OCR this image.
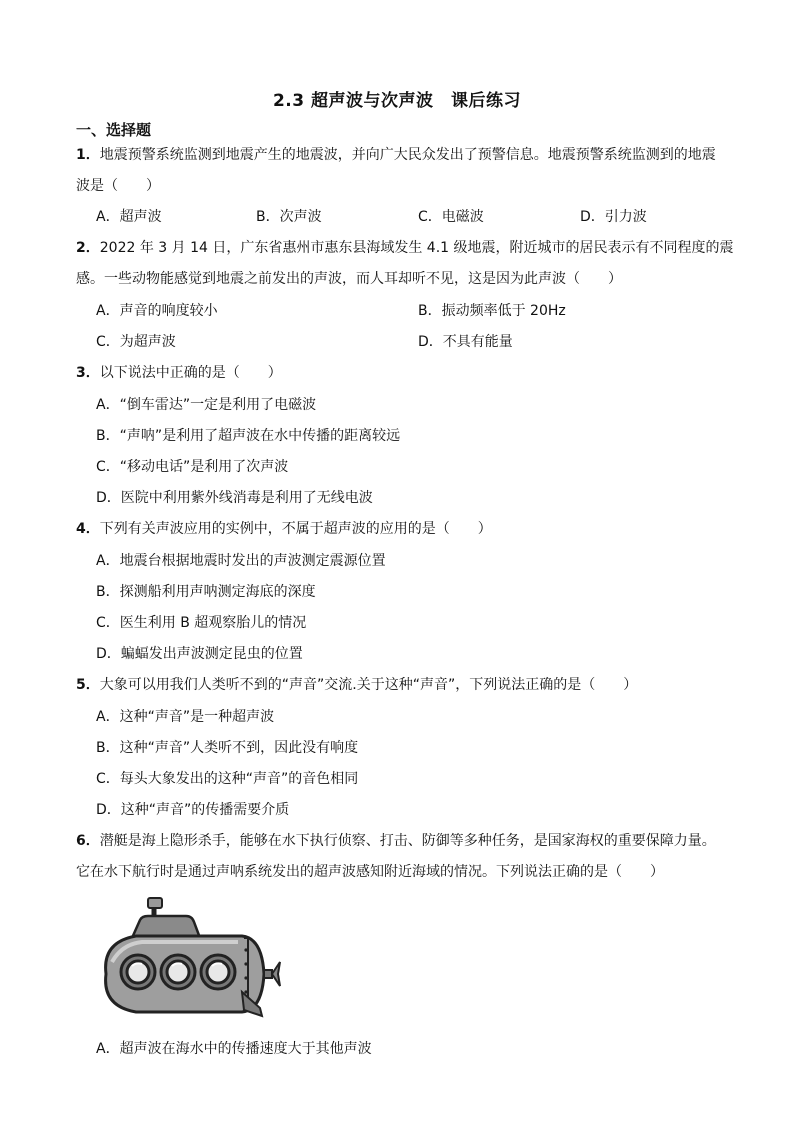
2.3 超声波与次声波　课后练习
一、选择题
1．地震预警系统监测到地震产生的地震波，并向广大民众发出了预警信息。地震预警系统监测到的地震
波是（　　）
A．超声波	B．次声波	C．电磁波	D．引力波
2．2022 年 3 月 14 日，广东省惠州市惠东县海域发生 4.1 级地震，附近城市的居民表示有不同程度的震
感。一些动物能感觉到地震之前发出的声波，而人耳却听不见，这是因为此声波（　　）
A．声音的响度较小	B．振动频率低于 20Hz
C．为超声波	D．不具有能量
3．以下说法中正确的是（　　）
A．“倒车雷达”一定是利用了电磁波
B．“声呐”是利用了超声波在水中传播的距离较远
C．“移动电话”是利用了次声波
D．医院中利用紫外线消毒是利用了无线电波
4．下列有关声波应用的实例中，不属于超声波的应用的是（　　）
A．地震台根据地震时发出的声波测定震源位置
B．探测船利用声呐测定海底的深度
C．医生利用 B 超观察胎儿的情况
D．蝙蝠发出声波测定昆虫的位置
5．大象可以用我们人类听不到的“声音”交流.关于这种“声音”，下列说法正确的是（　　）
A．这种“声音”是一种超声波
B．这种“声音”人类听不到，因此没有响度
C．每头大象发出的这种“声音”的音色相同
D．这种“声音”的传播需要介质
6．潜艇是海上隐形杀手，能够在水下执行侦察、打击、防御等多种任务，是国家海权的重要保障力量。
它在水下航行时是通过声呐系统发出的超声波感知附近海域的情况。下列说法正确的是（　　）
A．超声波在海水中的传播速度大于其他声波
